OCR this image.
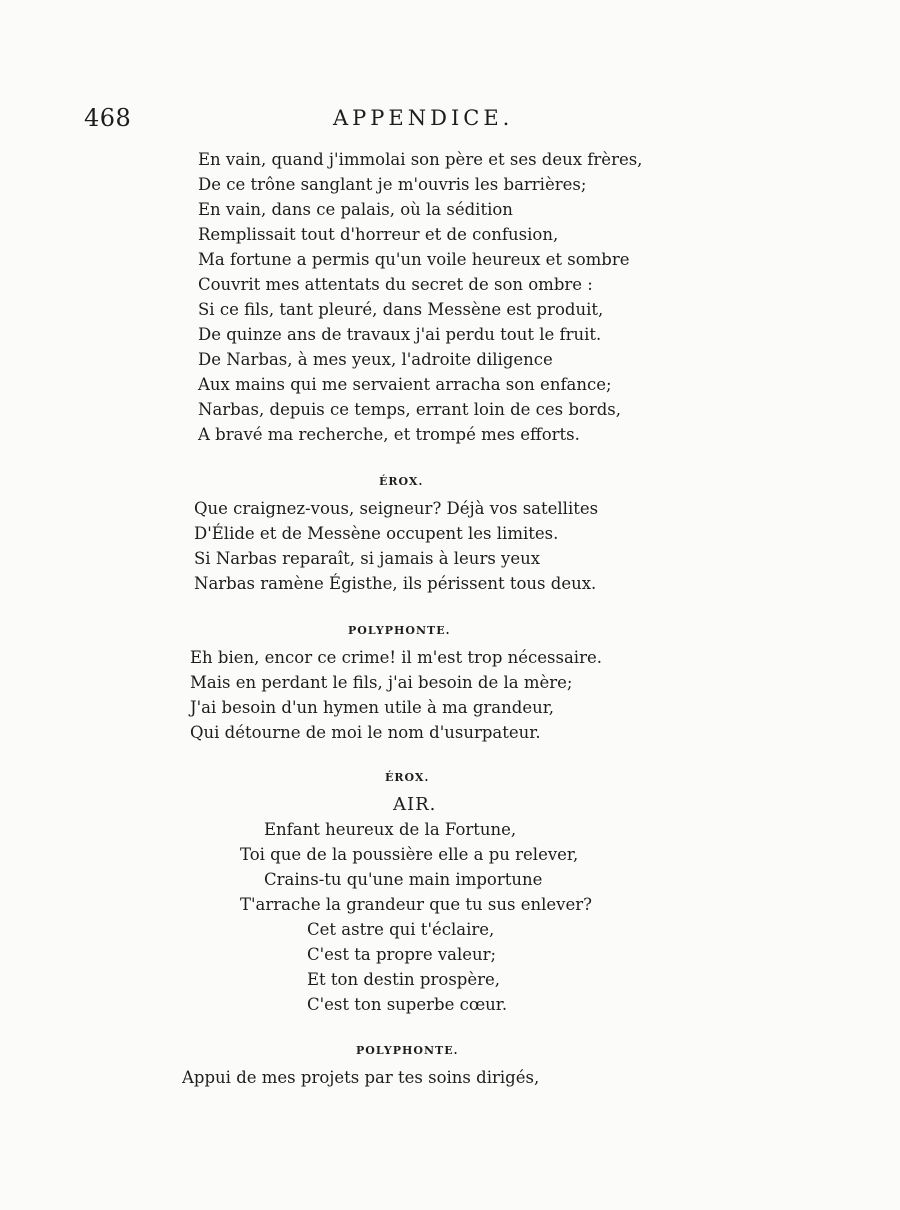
468	APPENDICE.
En vain, quand j'immolai son père et ses deux frères,
De ce trône sanglant je m'ouvris les barrières;
En vain, dans ce palais, où la sédition
Remplissait tout d'horreur et de confusion,
Ma fortune a permis qu'un voile heureux et sombre
Couvrit mes attentats du secret de son ombre :
Si ce fils, tant pleuré, dans Messène est produit,
De quinze ans de travaux j'ai perdu tout le fruit.
De Narbas, à mes yeux, l'adroite diligence
Aux mains qui me servaient arracha son enfance;
Narbas, depuis ce temps, errant loin de ces bords,
A bravé ma recherche, et trompé mes efforts.
ÉROX.
Que craignez-vous, seigneur? Déjà vos satellites
D'Élide et de Messène occupent les limites.
Si Narbas reparaît, si jamais à leurs yeux
Narbas ramène Égisthe, ils périssent tous deux.
POLYPHONTE.
Eh bien, encor ce crime! il m'est trop nécessaire.
Mais en perdant le fils, j'ai besoin de la mère;
J'ai besoin d'un hymen utile à ma grandeur,
Qui détourne de moi le nom d'usurpateur.
ÉROX.
AIR.
Enfant heureux de la Fortune,
Toi que de la poussière elle a pu relever,
Crains-tu qu'une main importune
T'arrache la grandeur que tu sus enlever?
Cet astre qui t'éclaire,
C'est ta propre valeur;
Et ton destin prospère,
C'est ton superbe cœur.
POLYPHONTE.
Appui de mes projets par tes soins dirigés,
